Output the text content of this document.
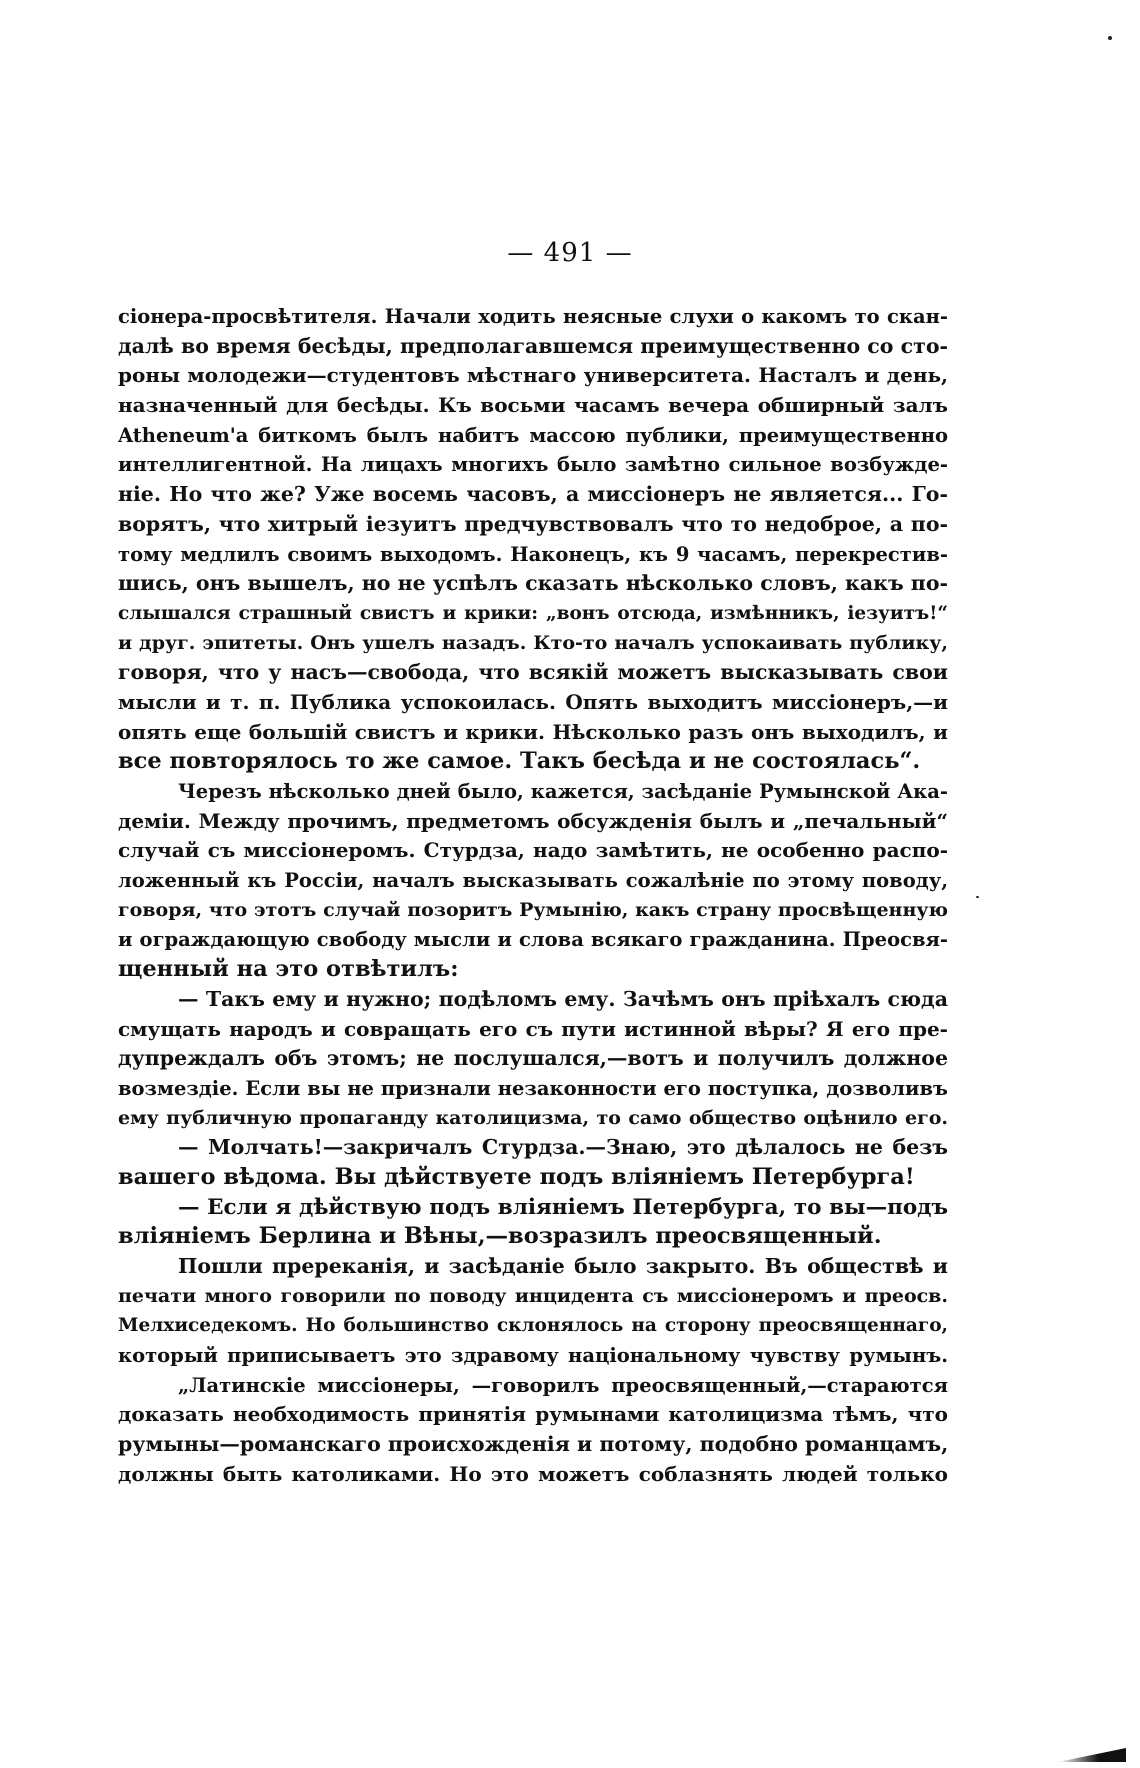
— 491 —
сіонера-просвѣтителя. Начали ходить неясные слухи о какомъ то скан-
далѣ во время бесѣды, предполагавшемся преимущественно со сто-
роны молодежи—студентовъ мѣстнаго университета. Насталъ и день,
назначенный для бесѣды. Къ восьми часамъ вечера обширный залъ
Atheneum'а биткомъ былъ набитъ массою публики, преимущественно
интеллигентной. На лицахъ многихъ было замѣтно сильное возбужде-
ніе. Но что же? Уже восемь часовъ, а миссіонеръ не является... Го-
ворятъ, что хитрый іезуитъ предчувствовалъ что то недоброе, а по-
тому медлилъ своимъ выходомъ. Наконецъ, къ 9 часамъ, перекрестив-
шись, онъ вышелъ, но не успѣлъ сказать нѣсколько словъ, какъ по-
слышался страшный свистъ и крики: „вонъ отсюда, измѣнникъ, іезуитъ!“
и друг. эпитеты. Онъ ушелъ назадъ. Кто-то началъ успокаивать публику,
говоря, что у насъ—свобода, что всякій можетъ высказывать свои
мысли и т. п. Публика успокоилась. Опять выходитъ миссіонеръ,—и
опять еще большій свистъ и крики. Нѣсколько разъ онъ выходилъ, и
все повторялось то же самое. Такъ бесѣда и не состоялась“.
Черезъ нѣсколько дней было, кажется, засѣданіе Румынской Ака-
деміи. Между прочимъ, предметомъ обсужденія былъ и „печальный“
случай съ миссіонеромъ. Стурдза, надо замѣтить, не особенно распо-
ложенный къ Россіи, началъ высказывать сожалѣніе по этому поводу,
говоря, что этотъ случай позоритъ Румынію, какъ страну просвѣщенную
и ограждающую свободу мысли и слова всякаго гражданина. Преосвя-
щенный на это отвѣтилъ:
— Такъ ему и нужно; подѣломъ ему. Зачѣмъ онъ пріѣхалъ сюда
смущать народъ и совращать его съ пути истинной вѣры? Я его пре-
дупреждалъ объ этомъ; не послушался,—вотъ и получилъ должное
возмездіе. Если вы не признали незаконности его поступка, дозволивъ
ему публичную пропаганду католицизма, то само общество оцѣнило его.
— Молчать!—закричалъ Стурдза.—Знаю, это дѣлалось не безъ
вашего вѣдома. Вы дѣйствуете подъ вліяніемъ Петербурга!
— Если я дѣйствую подъ вліяніемъ Петербурга, то вы—подъ
вліяніемъ Берлина и Вѣны,—возразилъ преосвященный.
Пошли пререканія, и засѣданіе было закрыто. Въ обществѣ и
печати много говорили по поводу инцидента съ миссіонеромъ и преосв.
Мелхиседекомъ. Но большинство склонялось на сторону преосвященнаго,
который приписываетъ это здравому національному чувству румынъ.
„Латинскіе миссіонеры, —говорилъ преосвященный,—стараются
доказать необходимость принятія румынами католицизма тѣмъ, что
румыны—романскаго происхожденія и потому, подобно романцамъ,
должны быть католиками. Но это можетъ соблазнять людей только
